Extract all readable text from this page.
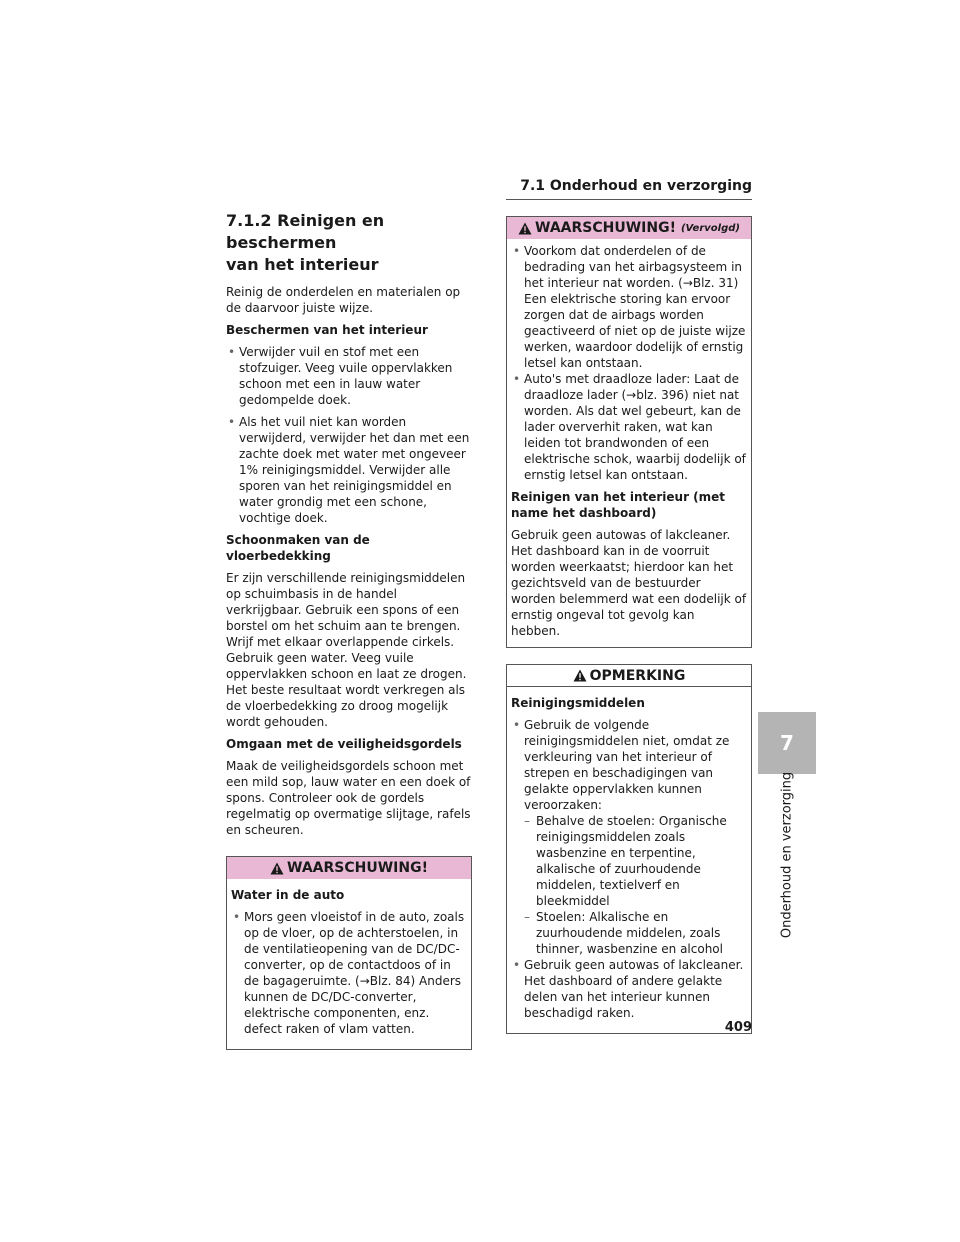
7.1 Onderhoud en verzorging
7
Onderhoud en verzorging
7.1.2 Reinigen en beschermen
van het interieur

Reinig de onderdelen en materialen op de daarvoor juiste wijze.

Beschermen van het interieur
• Verwijder vuil en stof met een stofzuiger. Veeg vuile oppervlakken schoon met een in lauw water gedompelde doek.
• Als het vuil niet kan worden verwijderd, verwijder het dan met een zachte doek met water met ongeveer 1% reinigingsmiddel. Verwijder alle sporen van het reinigingsmiddel en water grondig met een schone, vochtige doek.
Schoonmaken van de vloerbedekking

Er zijn verschillende reinigingsmiddelen op schuimbasis in de handel verkrijgbaar. Gebruik een spons of een borstel om het schuim aan te brengen. Wrijf met elkaar overlappende cirkels. Gebruik geen water. Veeg vuile oppervlakken schoon en laat ze drogen. Het beste resultaat wordt verkregen als de vloerbedekking zo droog mogelijk wordt gehouden.

Omgaan met de veiligheidsgordels

Maak de veiligheidsgordels schoon met een mild sop, lauw water en een doek of spons. Controleer ook de gordels regelmatig op overmatige slijtage, rafels en scheuren.

WAARSCHUWING!
Water in de auto
• Mors geen vloeistof in de auto, zoals op de vloer, op de achterstoelen, in de ventilatieopening van de DC/DC-converter, op de contactdoos of in de bagageruimte. (→Blz. 84) Anders kunnen de DC/DC-converter, elektrische componenten, enz. defect raken of vlam vatten.
WAARSCHUWING! (Vervolgd)
• Voorkom dat onderdelen of de bedrading van het airbagsysteem in het interieur nat worden. (→Blz. 31) Een elektrische storing kan ervoor zorgen dat de airbags worden geactiveerd of niet op de juiste wijze werken, waardoor dodelijk of ernstig letsel kan ontstaan.
• Auto's met draadloze lader: Laat de draadloze lader (→blz. 396) niet nat worden. Als dat wel gebeurt, kan de lader oververhit raken, wat kan leiden tot brandwonden of een elektrische schok, waarbij dodelijk of ernstig letsel kan ontstaan.
Reinigen van het interieur (met name het dashboard)

Gebruik geen autowas of lakcleaner. Het dashboard kan in de voorruit worden weerkaatst; hierdoor kan het gezichtsveld van de bestuurder worden belemmerd wat een dodelijk of ernstig ongeval tot gevolg kan hebben.

OPMERKING
Reinigingsmiddelen
• Gebruik de volgende reinigingsmiddelen niet, omdat ze verkleuring van het interieur of strepen en beschadigingen van gelakte oppervlakken kunnen veroorzaken:
– Behalve de stoelen: Organische reinigingsmiddelen zoals wasbenzine en terpentine, alkalische of zuurhoudende middelen, textielverf en bleekmiddel
– Stoelen: Alkalische en zuurhoudende middelen, zoals thinner, wasbenzine en alcohol
• Gebruik geen autowas of lakcleaner. Het dashboard of andere gelakte delen van het interieur kunnen beschadigd raken.
409
